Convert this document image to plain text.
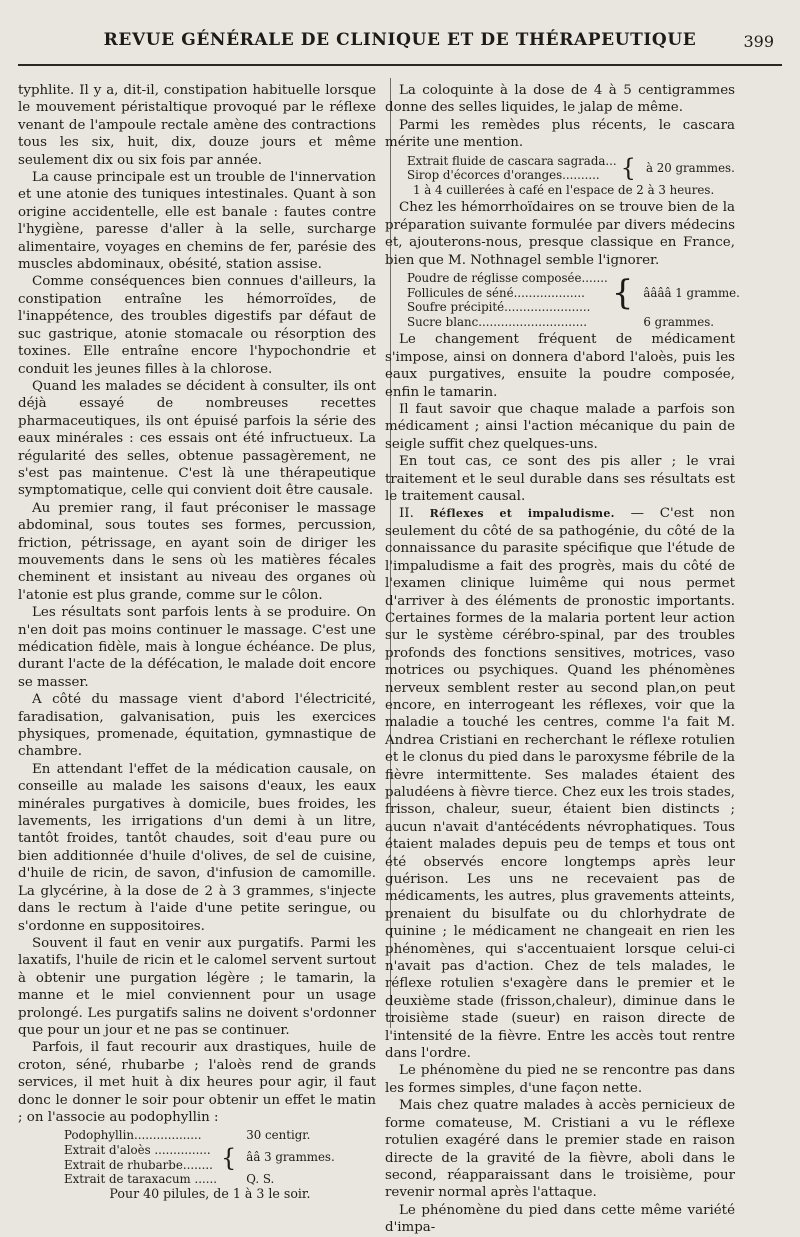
REVUE GÉNÉRALE DE CLINIQUE ET DE THÉRAPEUTIQUE	399

typhlite. Il y a, dit-il, constipation habituelle lorsque le mouvement péristaltique provoqué par le réflexe venant de l'ampoule rectale amène des contractions tous les six, huit, dix, douze jours et même seulement dix ou six fois par année.

La cause principale est un trouble de l'innervation et une atonie des tuniques intestinales. Quant à son origine accidentelle, elle est banale : fautes contre l'hygiène, paresse d'aller à la selle, surcharge alimentaire, voyages en chemins de fer, parésie des muscles abdominaux, obésité, station assise.

Comme conséquences bien connues d'ailleurs, la constipation entraîne les hémorroïdes, de l'inappétence, des troubles digestifs par défaut de suc gastrique, atonie stomacale ou résorption des toxines. Elle entraîne encore l'hypochondrie et conduit les jeunes filles à la chlorose.

Quand les malades se décident à consulter, ils ont déjà essayé de nombreuses recettes pharmaceutiques, ils ont épuisé parfois la série des eaux minérales : ces essais ont été infructueux. La régularité des selles, obtenue passagèrement, ne s'est pas maintenue. C'est là une thérapeutique symptomatique, celle qui convient doit être causale.

Au premier rang, il faut préconiser le massage abdominal, sous toutes ses formes, percussion, friction, pétrissage, en ayant soin de diriger les mouvements dans le sens où les matières fécales cheminent et insistant au niveau des organes où l'atonie est plus grande, comme sur le côlon.

Les résultats sont parfois lents à se produire. On n'en doit pas moins continuer le massage. C'est une médication fidèle, mais à longue échéance. De plus, durant l'acte de la défécation, le malade doit encore se masser.

A côté du massage vient d'abord l'électricité, faradisation, galvanisation, puis les exercices physiques, promenade, équitation, gymnastique de chambre.

En attendant l'effet de la médication causale, on conseille au malade les saisons d'eaux, les eaux minérales purgatives à domicile, bues froides, les lavements, les irrigations d'un demi à un litre, tantôt froides, tantôt chaudes, soit d'eau pure ou bien additionnée d'huile d'olives, de sel de cuisine, d'huile de ricin, de savon, d'infusion de camomille. La glycérine, à la dose de 2 à 3 grammes, s'injecte dans le rectum à l'aide d'une petite seringue, ou s'ordonne en suppositoires.

Souvent il faut en venir aux purgatifs. Parmi les laxatifs, l'huile de ricin et le calomel servent surtout à obtenir une purgation légère ; le tamarin, la manne et le miel conviennent pour un usage prolongé. Les purgatifs salins ne doivent s'ordonner que pour un jour et ne pas se continuer.

Parfois, il faut recourir aux drastiques, huile de croton, séné, rhubarbe ; l'aloès rend de grands services, il met huit à dix heures pour agir, il faut donc le donner le soir pour obtenir un effet le matin ; on l'associe au podophyllin :

Podophyllin..................		30 centigr.
Extrait d'aloès ...............	{	ââ 3 grammes.
Extrait de rhubarbe........		
Extrait de taraxacum ......		Q. S.
Pour 40 pilules, de 1 à 3 le soir.

La coloquinte à la dose de 4 à 5 centigrammes donne des selles liquides, le jalap de même.

Parmi les remèdes plus récents, le cascara mérite une mention.

Extrait fluide de cascara sagrada...	{	à 20 grammes.
Sirop d'écorces d'oranges..........
1 à 4 cuillerées à café en l'espace de 2 à 3 heures.

Chez les hémorrhoïdaires on se trouve bien de la préparation suivante formulée par divers médecins et, ajouterons-nous, presque classique en France, bien que M. Nothnagel semble l'ignorer.

Poudre de réglisse composée.......	{	ââââ 1 gramme.
Follicules de séné...................		
Soufre précipité.......................		
Sucre blanc.............................		6 grammes.

Le changement fréquent de médicament s'impose, ainsi on donnera d'abord l'aloès, puis les eaux purgatives, ensuite la poudre composée, enfin le tamarin.

Il faut savoir que chaque malade a parfois son médicament ; ainsi l'action mécanique du pain de seigle suffit chez quelques-uns.

En tout cas, ce sont des pis aller ; le vrai traitement et le seul durable dans ses résultats est le traitement causal.

II. Réflexes et impaludisme. — C'est non seulement du côté de sa pathogénie, du côté de la connaissance du parasite spécifique que l'étude de l'impaludisme a fait des progrès, mais du côté de l'examen clinique luimême qui nous permet d'arriver à des éléments de pronostic importants. Certaines formes de la malaria portent leur action sur le système cérébro-spinal, par des troubles profonds des fonctions sensitives, motrices, vaso motrices ou psychiques. Quand les phénomènes nerveux semblent rester au second plan,on peut encore, en interrogeant les réflexes, voir que la maladie a touché les centres, comme l'a fait M. Andrea Cristiani en recherchant le réflexe rotulien et le clonus du pied dans le paroxysme fébrile de la fièvre intermittente. Ses malades étaient des paludéens à fièvre tierce. Chez eux les trois stades, frisson, chaleur, sueur, étaient bien distincts ; aucun n'avait d'antécédents névrophatiques. Tous étaient malades depuis peu de temps et tous ont été observés encore longtemps après leur guérison. Les uns ne recevaient pas de médicaments, les autres, plus gravements atteints, prenaient du bisulfate ou du chlorhydrate de quinine ; le médicament ne changeait en rien les phénomènes, qui s'accentuaient lorsque celui-ci n'avait pas d'action. Chez de tels malades, le réflexe rotulien s'exagère dans le premier et le deuxième stade (frisson,chaleur), diminue dans le troisième stade (sueur) en raison directe de l'intensité de la fièvre. Entre les accès tout rentre dans l'ordre.

Le phénomène du pied ne se rencontre pas dans les formes simples, d'une façon nette.

Mais chez quatre malades à accès pernicieux de forme comateuse, M. Cristiani a vu le réflexe rotulien exagéré dans le premier stade en raison directe de la gravité de la fièvre, aboli dans le second, réapparaissant dans le troisième, pour revenir normal après l'attaque.

Le phénomène du pied dans cette même variété d'impa-
